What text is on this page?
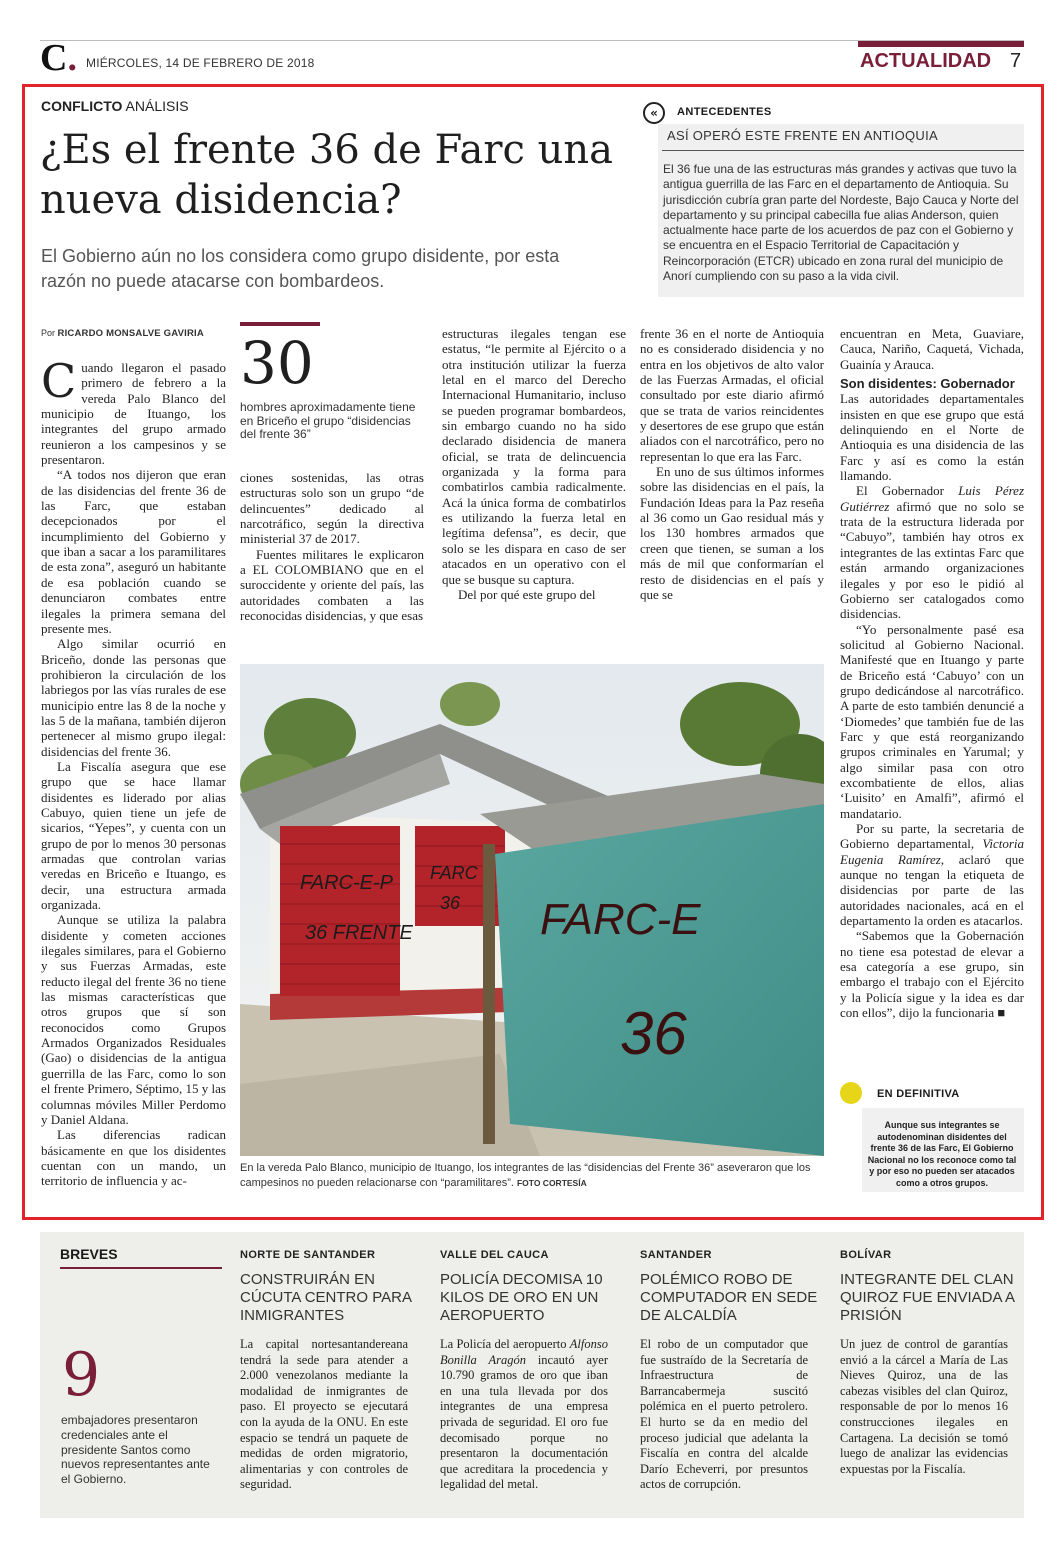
C. MIÉRCOLES, 14 DE FEBRERO DE 2018	ACTUALIDAD 7
CONFLICTO ANÁLISIS
¿Es el frente 36 de Farc una nueva disidencia?
El Gobierno aún no los considera como grupo disidente, por esta razón no puede atacarse con bombardeos.
«	ANTECEDENTES
ASÍ OPERÓ ESTE FRENTE EN ANTIOQUIA
El 36 fue una de las estructuras más grandes y activas que tuvo la antigua guerrilla de las Farc en el departamento de Antioquia. Su jurisdicción cubría gran parte del Nordeste, Bajo Cauca y Norte del departamento y su principal cabecilla fue alias Anderson, quien actualmente hace parte de los acuerdos de paz con el Gobierno y se encuentra en el Espacio Territorial de Capacitación y Reincorporación (ETCR) ubicado en zona rural del municipio de Anorí cumpliendo con su paso a la vida civil.
Por RICARDO MONSALVE GAVIRIA

Cuando llegaron el pasado primero de febrero a la vereda Palo Blanco del municipio de Ituango, los integrantes del grupo armado reunieron a los campesinos y se presentaron.

“A todos nos dijeron que eran de las disidencias del frente 36 de las Farc, que estaban decepcionados por el incumplimiento del Gobierno y que iban a sacar a los paramilitares de esta zona”, aseguró un habitante de esa población cuando se denunciaron combates entre ilegales la primera semana del presente mes.

Algo similar ocurrió en Briceño, donde las personas que prohibieron la circulación de los labriegos por las vías rurales de ese municipio entre las 8 de la noche y las 5 de la mañana, también dijeron pertenecer al mismo grupo ilegal: disidencias del frente 36.

La Fiscalía asegura que ese grupo que se hace llamar disidentes es liderado por alias Cabuyo, quien tiene un jefe de sicarios, “Yepes”, y cuenta con un grupo de por lo menos 30 personas armadas que controlan varias veredas en Briceño e Ituango, es decir, una estructura armada organizada.

Aunque se utiliza la palabra disidente y cometen acciones ilegales similares, para el Gobierno y sus Fuerzas Armadas, este reducto ilegal del frente 36 no tiene las mismas características que otros grupos que sí son reconocidos como Grupos Armados Organizados Residuales (Gao) o disidencias de la antigua guerrilla de las Farc, como lo son el frente Primero, Séptimo, 15 y las columnas móviles Miller Perdomo y Daniel Aldana.

Las diferencias radican básicamente en que los disidentes cuentan con un mando, un territorio de influencia y ac-

30
hombres aproximadamente tiene en Briceño el grupo “disidencias del frente 36”

ciones sostenidas, las otras estructuras solo son un grupo “de delincuentes” dedicado al narcotráfico, según la directiva ministerial 37 de 2017.

Fuentes militares le explicaron a EL COLOMBIANO que en el suroccidente y oriente del país, las autoridades combaten a las reconocidas disidencias, y que esas

estructuras ilegales tengan ese estatus, “le permite al Ejército o a otra institución utilizar la fuerza letal en el marco del Derecho Internacional Humanitario, incluso se pueden programar bombardeos, sin embargo cuando no ha sido declarado disidencia de manera oficial, se trata de delincuencia organizada y la forma para combatirlos cambia radicalmente. Acá la única forma de combatirlos es utilizando la fuerza letal en legítima defensa”, es decir, que solo se les dispara en caso de ser atacados en un operativo con el que se busque su captura.

Del por qué este grupo del

frente 36 en el norte de Antioquia no es considerado disidencia y no entra en los objetivos de alto valor de las Fuerzas Armadas, el oficial consultado por este diario afirmó que se trata de varios reincidentes y desertores de ese grupo que están aliados con el narcotráfico, pero no representan lo que era las Farc.

En uno de sus últimos informes sobre las disidencias en el país, la Fundación Ideas para la Paz reseña al 36 como un Gao residual más y los 130 hombres armados que creen que tienen, se suman a los más de mil que conformarían el resto de disidencias en el país y que se

encuentran en Meta, Guaviare, Cauca, Nariño, Caquetá, Vichada, Guainía y Arauca.

Son disidentes: Gobernador

Las autoridades departamentales insisten en que ese grupo que está delinquiendo en el Norte de Antioquia es una disidencia de las Farc y así es como la están llamando.

El Gobernador Luis Pérez Gutiérrez afirmó que no solo se trata de la estructura liderada por “Cabuyo”, también hay otros ex integrantes de las extintas Farc que están armando organizaciones ilegales y por eso le pidió al Gobierno ser catalogados como disidencias.

“Yo personalmente pasé esa solicitud al Gobierno Nacional. Manifesté que en Ituango y parte de Briceño está ‘Cabuyo’ con un grupo dedicándose al narcotráfico. A parte de esto también denuncié a ‘Diomedes’ que también fue de las Farc y que está reorganizando grupos criminales en Yarumal; y algo similar pasa con otro excombatiente de ellos, alias ‘Luisito’ en Amalfi”, afirmó el mandatario.

Por su parte, la secretaria de Gobierno departamental, Victoria Eugenia Ramírez, aclaró que aunque no tengan la etiqueta de disidencias por parte de las autoridades nacionales, acá en el departamento la orden es atacarlos.

“Sabemos que la Gobernación no tiene esa potestad de elevar a esa categoría a ese grupo, sin embargo el trabajo con el Ejército y la Policía sigue y la idea es dar con ellos”, dijo la funcionaria ■

FARC-E-P
36 FRENTE
FARC
36 FARC-E
36
En la vereda Palo Blanco, municipio de Ituango, los integrantes de las “disidencias del Frente 36” aseveraron que los campesinos no pueden relacionarse con “paramilitares”. FOTO CORTESÍA
EN DEFINITIVA
Aunque sus integrantes se autodenominan disidentes del frente 36 de las Farc, El Gobierno Nacional no los reconoce como tal y por eso no pueden ser atacados como a otros grupos.
BREVES
9
embajadores presentaron credenciales ante el presidente Santos como nuevos representantes ante el Gobierno.
NORTE DE SANTANDER
CONSTRUIRÁN EN CÚCUTA CENTRO PARA INMIGRANTES

La capital nortesantandereana tendrá la sede para atender a 2.000 venezolanos mediante la modalidad de inmigrantes de paso. El proyecto se ejecutará con la ayuda de la ONU. En este espacio se tendrá un paquete de medidas de orden migratorio, alimentarias y con controles de seguridad.

VALLE DEL CAUCA
POLICÍA DECOMISA 10 KILOS DE ORO EN UN AEROPUERTO

La Policía del aeropuerto Alfonso Bonilla Aragón incautó ayer 10.790 gramos de oro que iban en una tula llevada por dos integrantes de una empresa privada de seguridad. El oro fue decomisado porque no presentaron la documentación que acreditara la procedencia y legalidad del metal.

SANTANDER
POLÉMICO ROBO DE COMPUTADOR EN SEDE DE ALCALDÍA

El robo de un computador que fue sustraído de la Secretaría de Infraestructura de Barrancabermeja suscitó polémica en el puerto petrolero. El hurto se da en medio del proceso judicial que adelanta la Fiscalía en contra del alcalde Darío Echeverri, por presuntos actos de corrupción.

BOLÍVAR
INTEGRANTE DEL CLAN QUIROZ FUE ENVIADA A PRISIÓN

Un juez de control de garantías envió a la cárcel a María de Las Nieves Quiroz, una de las cabezas visibles del clan Quiroz, responsable de por lo menos 16 construcciones ilegales en Cartagena. La decisión se tomó luego de analizar las evidencias expuestas por la Fiscalía.
